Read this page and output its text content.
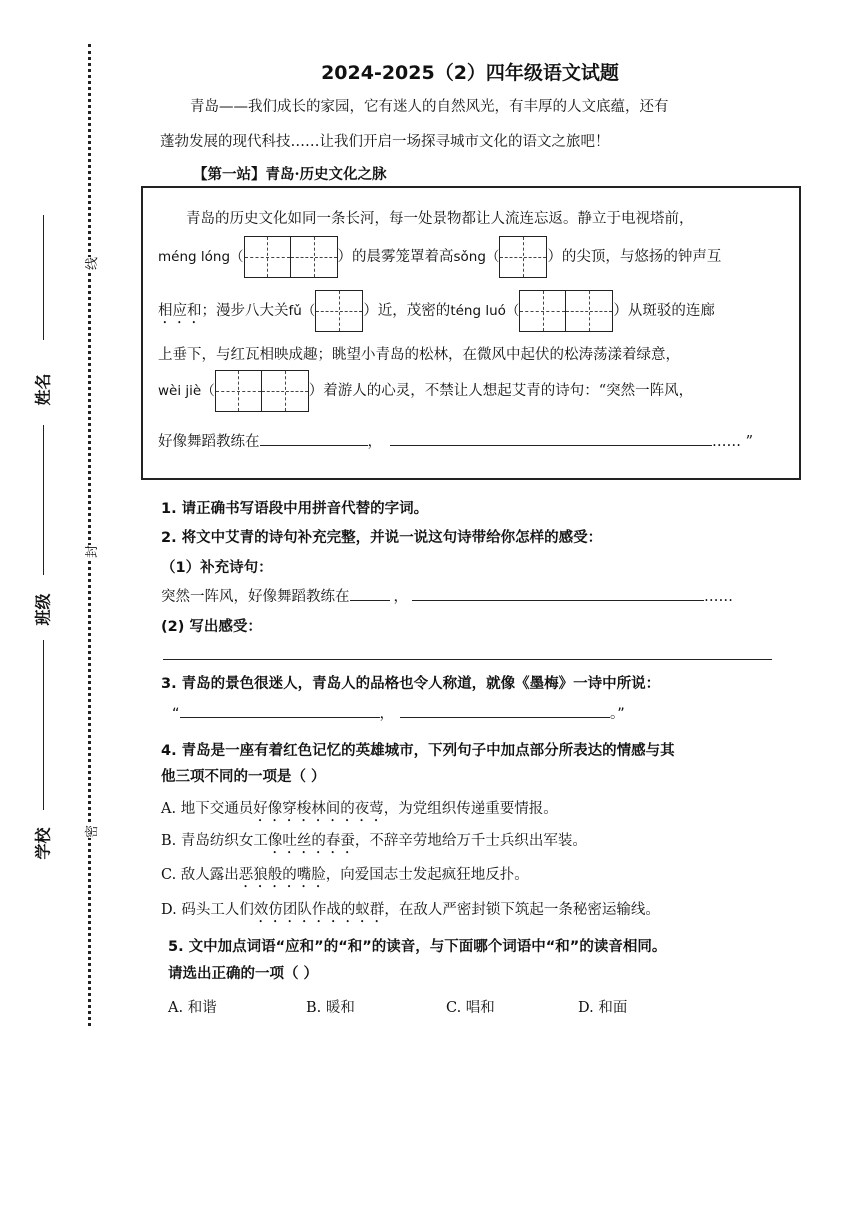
姓名
班级
学校
线
封
密
2024-2025（2）四年级语文试题
青岛——我们成长的家园，它有迷人的自然风光，有丰厚的人文底蕴，还有
蓬勃发展的现代科技……让我们开启一场探寻城市文化的语文之旅吧！
【第一站】青岛·历史文化之脉
青岛的历史文化如同一条长河，每一处景物都让人流连忘返。静立于电视塔前，
méng lóng（	）的晨雾笼罩着高sǒng（	）的尖顶，与悠扬的钟声互
相应和；漫步八大关fǔ（	）近，茂密的téng luó（	）从斑驳的连廊
上垂下，与红瓦相映成趣；眺望小青岛的松林，在微风中起伏的松涛荡漾着绿意，
wèi jiè（	）着游人的心灵，不禁让人想起艾青的诗句：“突然一阵风，
好像舞蹈教练在	，	…… ”
1. 请正确书写语段中用拼音代替的字词。
2. 将文中艾青的诗句补充完整，并说一说这句诗带给你怎样的感受：
（1）补充诗句：
突然一阵风，好像舞蹈教练在	，	……
(2) 写出感受：
3. 青岛的景色很迷人，青岛人的品格也令人称道，就像《墨梅》一诗中所说：
“	，	。”
4. 青岛是一座有着红色记忆的英雄城市，下列句子中加点部分所表达的情感与其
他三项不同的一项是（ ）
A. 地下交通员好像穿梭林间的夜莺，为党组织传递重要情报。
B. 青岛纺织女工像吐丝的春蚕，不辞辛劳地给万千士兵织出军装。
C. 敌人露出恶狼般的嘴脸，向爱国志士发起疯狂地反扑。
D. 码头工人们效仿团队作战的蚁群，在敌人严密封锁下筑起一条秘密运输线。
5. 文中加点词语“应和”的“和”的读音，与下面哪个词语中“和”的读音相同。
请选出正确的一项（ ）
A. 和谐	B. 暖和	C. 唱和	D. 和面
